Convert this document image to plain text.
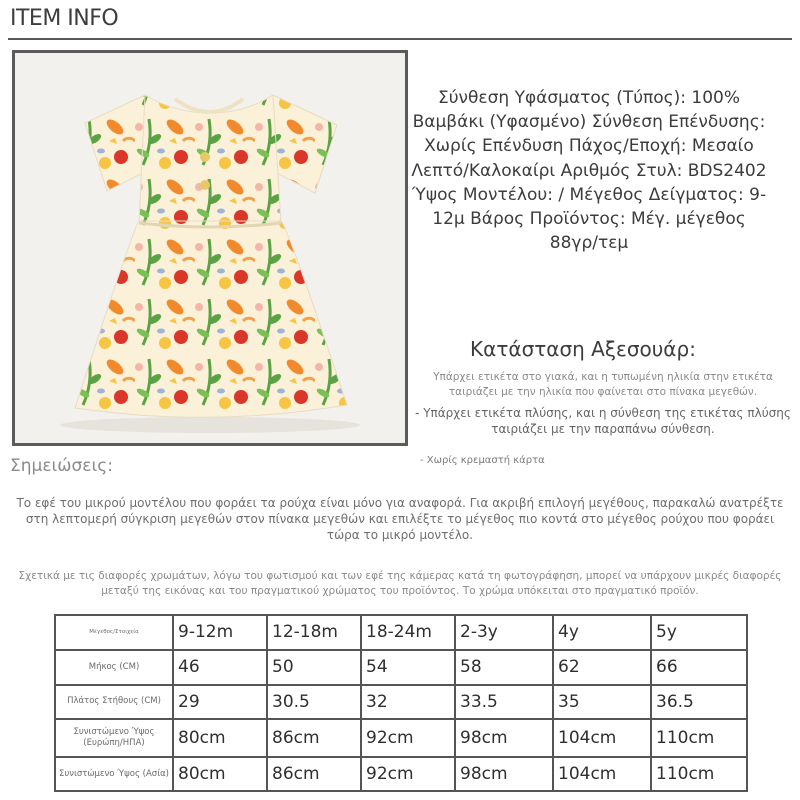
ITEM INFO
Σύνθεση Υφάσματος (Τύπος): 100% Βαμβάκι (Υφασμένο) Σύνθεση Επένδυσης: Χωρίς Επένδυση Πάχος/Εποχή: Μεσαίο Λεπτό/Καλοκαίρι Αριθμός Στυλ: BDS2402 Ύψος Μοντέλου: / Μέγεθος Δείγματος: 9-12μ Βάρος Προϊόντος: Μέγ. μέγεθος 88γρ/τεμ
Κατάσταση Αξεσουάρ:
Υπάρχει ετικέτα στο γιακά, και η τυπωμένη ηλικία στην ετικέτα ταιριάζει με την ηλικία που φαίνεται στο πίνακα μεγεθών.
- Υπάρχει ετικέτα πλύσης, και η σύνθεση της ετικέτας πλύσης ταιριάζει με την παραπάνω σύνθεση.
- Χωρίς κρεμαστή κάρτα
Σημειώσεις:
Το εφέ του μικρού μοντέλου που φοράει τα ρούχα είναι μόνο για αναφορά. Για ακριβή επιλογή μεγέθους, παρακαλώ ανατρέξτε στη λεπτομερή σύγκριση μεγεθών στον πίνακα μεγεθών και επιλέξτε το μέγεθος πιο κοντά στο μέγεθος ρούχου που φοράει τώρα το μικρό μοντέλο.
Σχετικά με τις διαφορές χρωμάτων, λόγω του φωτισμού και των εφέ της κάμερας κατά τη φωτογράφηση, μπορεί να υπάρχουν μικρές διαφορές μεταξύ της εικόνας και του πραγματικού χρώματος του προϊόντος. Το χρώμα υπόκειται στο πραγματικό προϊόν.
Μέγεθος/Στοιχεία	9-12m	12-18m	18-24m	2-3y	4y	5y
Μήκος (CM)	46	50	54	58	62	66
Πλάτος Στήθους (CM)	29	30.5	32	33.5	35	36.5
Συνιστώμενο Ύψος (Ευρώπη/ΗΠΑ)	80cm	86cm	92cm	98cm	104cm	110cm
Συνιστώμενο Ύψος (Ασία)	80cm	86cm	92cm	98cm	104cm	110cm
